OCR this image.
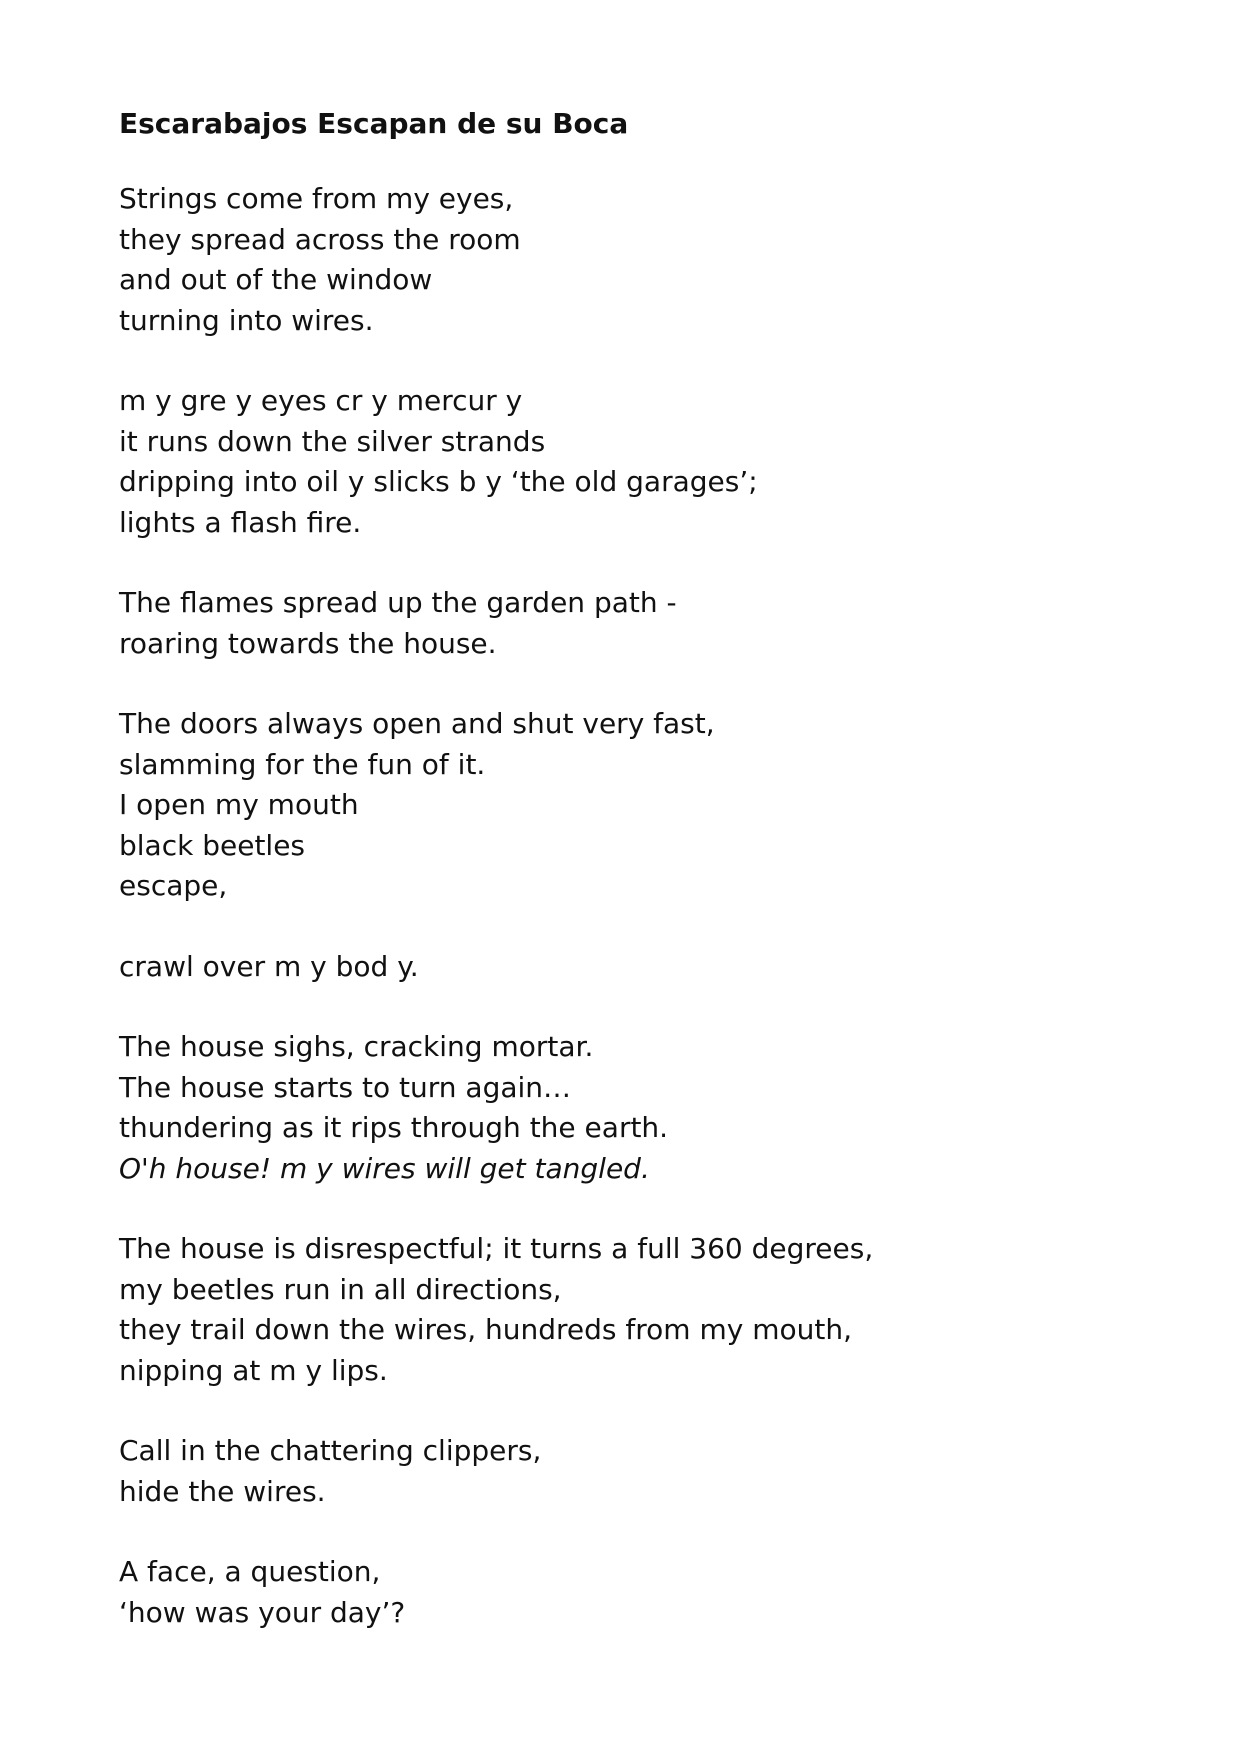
Escarabajos Escapan de su Boca
Strings come from my eyes,
they spread across the room
and out of the window
turning into wires.
m y gre y eyes cr y mercur y
it runs down the silver strands
dripping into oil y slicks b y ‘the old garages’;
lights a flash fire.
The flames spread up the garden path -
roaring towards the house.
The doors always open and shut very fast,
slamming for the fun of it.
I open my mouth
black beetles
escape,
crawl over m y bod y.
The house sighs, cracking mortar.
The house starts to turn again…
thundering as it rips through the earth.
O'h house! m y wires will get tangled.
The house is disrespectful; it turns a full 360 degrees,
my beetles run in all directions,
they trail down the wires, hundreds from my mouth,
nipping at m y lips.
Call in the chattering clippers,
hide the wires.
A face, a question,
‘how was your day’?
